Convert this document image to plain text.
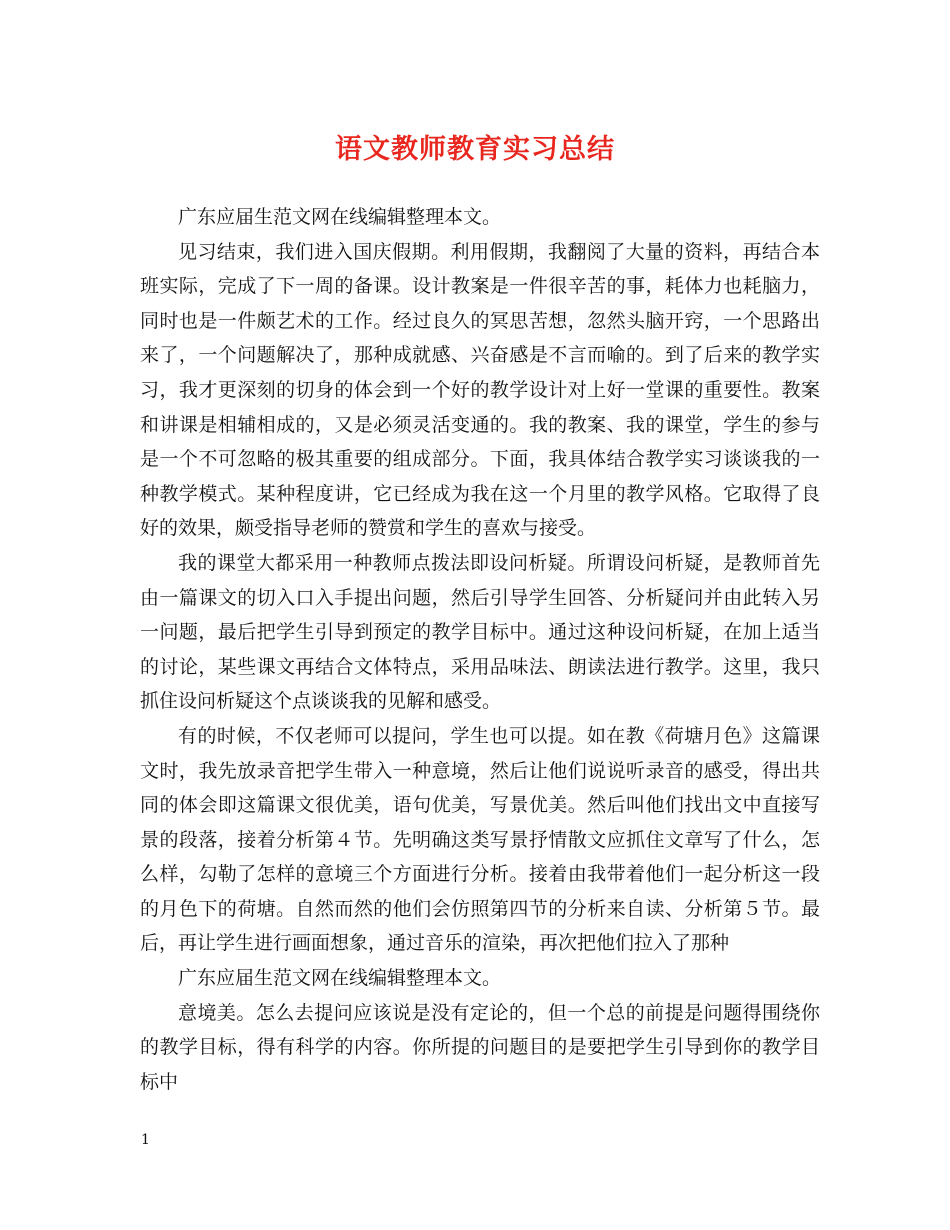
语文教师教育实习总结

广东应届生范文网在线编辑整理本文。

见习结束，我们进入国庆假期。利用假期，我翻阅了大量的资料，再结合本班实际，完成了下一周的备课。设计教案是一件很辛苦的事，耗体力也耗脑力，同时也是一件颇艺术的工作。经过良久的冥思苦想，忽然头脑开窍，一个思路出来了，一个问题解决了，那种成就感、兴奋感是不言而喻的。到了后来的教学实习，我才更深刻的切身的体会到一个好的教学设计对上好一堂课的重要性。教案和讲课是相辅相成的，又是必须灵活变通的。我的教案、我的课堂，学生的参与是一个不可忽略的极其重要的组成部分。下面，我具体结合教学实习谈谈我的一种教学模式。某种程度讲，它已经成为我在这一个月里的教学风格。它取得了良好的效果，颇受指导老师的赞赏和学生的喜欢与接受。

我的课堂大都采用一种教师点拨法即设问析疑。所谓设问析疑，是教师首先由一篇课文的切入口入手提出问题，然后引导学生回答、分析疑问并由此转入另一问题，最后把学生引导到预定的教学目标中。通过这种设问析疑，在加上适当的讨论，某些课文再结合文体特点，采用品味法、朗读法进行教学。这里，我只抓住设问析疑这个点谈谈我的见解和感受。

有的时候，不仅老师可以提问，学生也可以提。如在教《荷塘月色》这篇课文时，我先放录音把学生带入一种意境，然后让他们说说听录音的感受，得出共同的体会即这篇课文很优美，语句优美，写景优美。然后叫他们找出文中直接写景的段落，接着分析第４节。先明确这类写景抒情散文应抓住文章写了什么，怎么样，勾勒了怎样的意境三个方面进行分析。接着由我带着他们一起分析这一段的月色下的荷塘。自然而然的他们会仿照第四节的分析来自读、分析第５节。最后，再让学生进行画面想象，通过音乐的渲染，再次把他们拉入了那种

广东应届生范文网在线编辑整理本文。

意境美。怎么去提问应该说是没有定论的，但一个总的前提是问题得围绕你的教学目标，得有科学的内容。你所提的问题目的是要把学生引导到你的教学目标中

1
